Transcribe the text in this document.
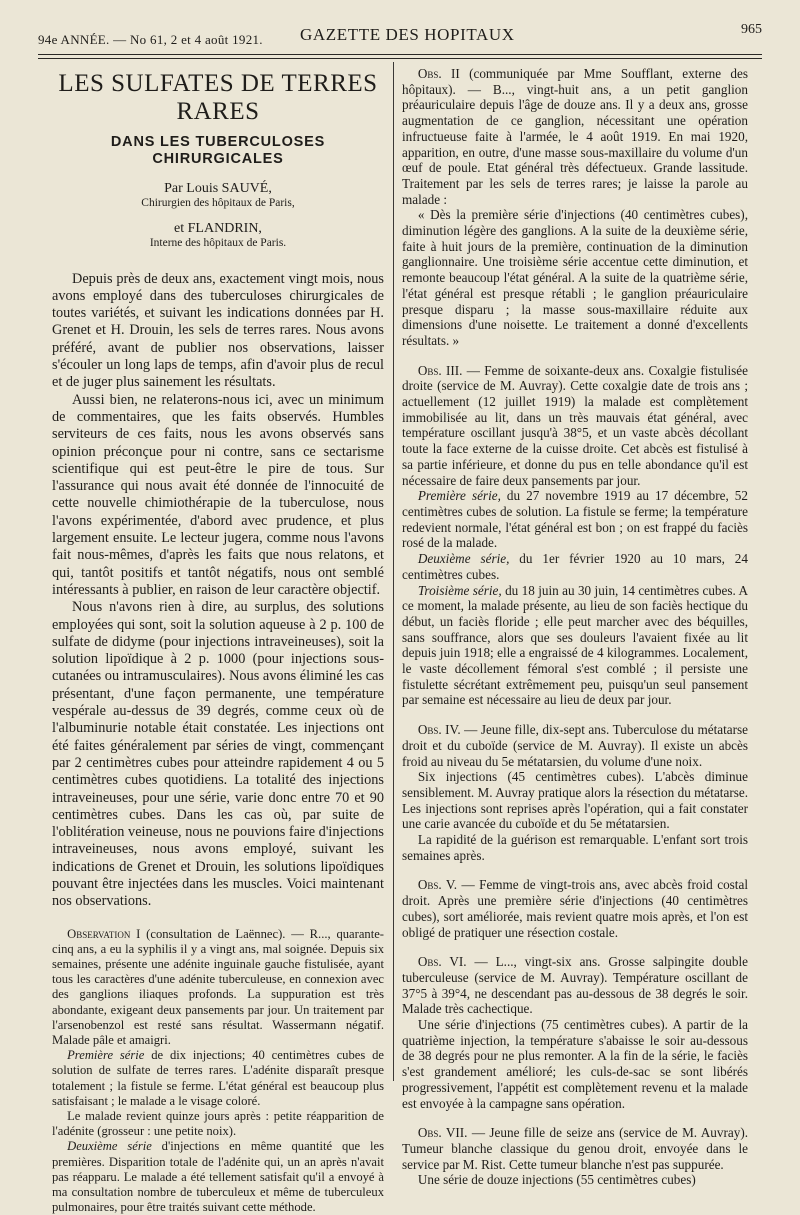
94e ANNÉE. — No 61, 2 et 4 août 1921. GAZETTE DES HOPITAUX	965
LES SULFATES DE TERRES RARES
DANS LES TUBERCULOSES CHIRURGICALES
Par Louis SAUVÉ,
Chirurgien des hôpitaux de Paris,
et FLANDRIN,
Interne des hôpitaux de Paris.

Depuis près de deux ans, exactement vingt mois, nous avons employé dans des tuberculoses chirurgicales de toutes variétés, et suivant les indications données par H. Grenet et H. Drouin, les sels de terres rares. Nous avons préféré, avant de publier nos observations, laisser s'écouler un long laps de temps, afin d'avoir plus de recul et de juger plus sainement les résultats.

Aussi bien, ne relaterons-nous ici, avec un minimum de commentaires, que les faits observés. Humbles serviteurs de ces faits, nous les avons observés sans opinion préconçue pour ni contre, sans ce sectarisme scientifique qui est peut-être le pire de tous. Sur l'assurance qui nous avait été donnée de l'innocuité de cette nouvelle chimiothérapie de la tuberculose, nous l'avons expérimentée, d'abord avec prudence, et plus largement ensuite. Le lecteur jugera, comme nous l'avons fait nous-mêmes, d'après les faits que nous relatons, et qui, tantôt positifs et tantôt négatifs, nous ont semblé intéressants à publier, en raison de leur caractère objectif.

Nous n'avons rien à dire, au surplus, des solutions employées qui sont, soit la solution aqueuse à 2 p. 100 de sulfate de didyme (pour injections intraveineuses), soit la solution lipoïdique à 2 p. 1000 (pour injections sous-cutanées ou intramusculaires). Nous avons éliminé les cas présentant, d'une façon permanente, une température vespérale au-dessus de 39 degrés, comme ceux où de l'albuminurie notable était constatée. Les injections ont été faites généralement par séries de vingt, commençant par 2 centimètres cubes pour atteindre rapidement 4 ou 5 centimètres cubes quotidiens. La totalité des injections intraveineuses, pour une série, varie donc entre 70 et 90 centimètres cubes. Dans les cas où, par suite de l'oblitération veineuse, nous ne pouvions faire d'injections intraveineuses, nous avons employé, suivant les indications de Grenet et Drouin, les solutions lipoïdiques pouvant être injectées dans les muscles. Voici maintenant nos observations.

Observation I (consultation de Laënnec). — R..., quarante-cinq ans, a eu la syphilis il y a vingt ans, mal soignée. Depuis six semaines, présente une adénite inguinale gauche fistulisée, ayant tous les caractères d'une adénite tuberculeuse, en connexion avec des ganglions iliaques profonds. La suppuration est très abondante, exigeant deux pansements par jour. Un traitement par l'arsenobenzol est resté sans résultat. Wassermann négatif. Malade pâle et amaigri.

Première série de dix injections; 40 centimètres cubes de solution de sulfate de terres rares. L'adénite disparaît presque totalement ; la fistule se ferme. L'état général est beaucoup plus satisfaisant ; le malade a le visage coloré.

Le malade revient quinze jours après : petite réapparition de l'adénite (grosseur : une petite noix).

Deuxième série d'injections en même quantité que les premières. Disparition totale de l'adénite qui, un an après n'avait pas réapparu. Le malade a été tellement satisfait qu'il a envoyé à ma consultation nombre de tuberculeux et même de tuberculeux pulmonaires, pour être traités suivant cette méthode.

Obs. II (communiquée par Mme Soufflant, externe des hôpitaux). — B..., vingt-huit ans, a un petit ganglion préauriculaire depuis l'âge de douze ans. Il y a deux ans, grosse augmentation de ce ganglion, nécessitant une opération infructueuse faite à l'armée, le 4 août 1919. En mai 1920, apparition, en outre, d'une masse sous-maxillaire du volume d'un œuf de poule. Etat général très défectueux. Grande lassitude. Traitement par les sels de terres rares; je laisse la parole au malade :

« Dès la première série d'injections (40 centimètres cubes), diminution légère des ganglions. A la suite de la deuxième série, faite à huit jours de la première, continuation de la diminution ganglionnaire. Une troisième série accentue cette diminution, et remonte beaucoup l'état général. A la suite de la quatrième série, l'état général est presque rétabli ; le ganglion préauriculaire presque disparu ; la masse sous-maxillaire réduite aux dimensions d'une noisette. Le traitement a donné d'excellents résultats. »

Obs. III. — Femme de soixante-deux ans. Coxalgie fistulisée droite (service de M. Auvray). Cette coxalgie date de trois ans ; actuellement (12 juillet 1919) la malade est complètement immobilisée au lit, dans un très mauvais état général, avec température oscillant jusqu'à 38°5, et un vaste abcès décollant toute la face externe de la cuisse droite. Cet abcès est fistulisé à sa partie inférieure, et donne du pus en telle abondance qu'il est nécessaire de faire deux pansements par jour.

Première série, du 27 novembre 1919 au 17 décembre, 52 centimètres cubes de solution. La fistule se ferme; la température redevient normale, l'état général est bon ; on est frappé du faciès rosé de la malade.

Deuxième série, du 1er février 1920 au 10 mars, 24 centimètres cubes.

Troisième série, du 18 juin au 30 juin, 14 centimètres cubes. A ce moment, la malade présente, au lieu de son faciès hectique du début, un faciès floride ; elle peut marcher avec des béquilles, sans souffrance, alors que ses douleurs l'avaient fixée au lit depuis juin 1918; elle a engraissé de 4 kilogrammes. Localement, le vaste décollement fémoral s'est comblé ; il persiste une fistulette sécrétant extrêmement peu, puisqu'un seul pansement par semaine est nécessaire au lieu de deux par jour.

Obs. IV. — Jeune fille, dix-sept ans. Tuberculose du métatarse droit et du cuboïde (service de M. Auvray). Il existe un abcès froid au niveau du 5e métatarsien, du volume d'une noix.

Six injections (45 centimètres cubes). L'abcès diminue sensiblement. M. Auvray pratique alors la résection du métatarse. Les injections sont reprises après l'opération, qui a fait constater une carie avancée du cuboïde et du 5e métatarsien.

La rapidité de la guérison est remarquable. L'enfant sort trois semaines après.

Obs. V. — Femme de vingt-trois ans, avec abcès froid costal droit. Après une première série d'injections (40 centimètres cubes), sort améliorée, mais revient quatre mois après, et l'on est obligé de pratiquer une résection costale.

Obs. VI. — L..., vingt-six ans. Grosse salpingite double tuberculeuse (service de M. Auvray). Température oscillant de 37°5 à 39°4, ne descendant pas au-dessous de 38 degrés le soir. Malade très cachectique.

Une série d'injections (75 centimètres cubes). A partir de la quatrième injection, la température s'abaisse le soir au-dessous de 38 degrés pour ne plus remonter. A la fin de la série, le faciès s'est grandement amélioré; les culs-de-sac se sont libérés progressivement, l'appétit est complètement revenu et la malade est envoyée à la campagne sans opération.

Obs. VII. — Jeune fille de seize ans (service de M. Auvray). Tumeur blanche classique du genou droit, envoyée dans le service par M. Rist. Cette tumeur blanche n'est pas suppurée.

Une série de douze injections (55 centimètres cubes)
